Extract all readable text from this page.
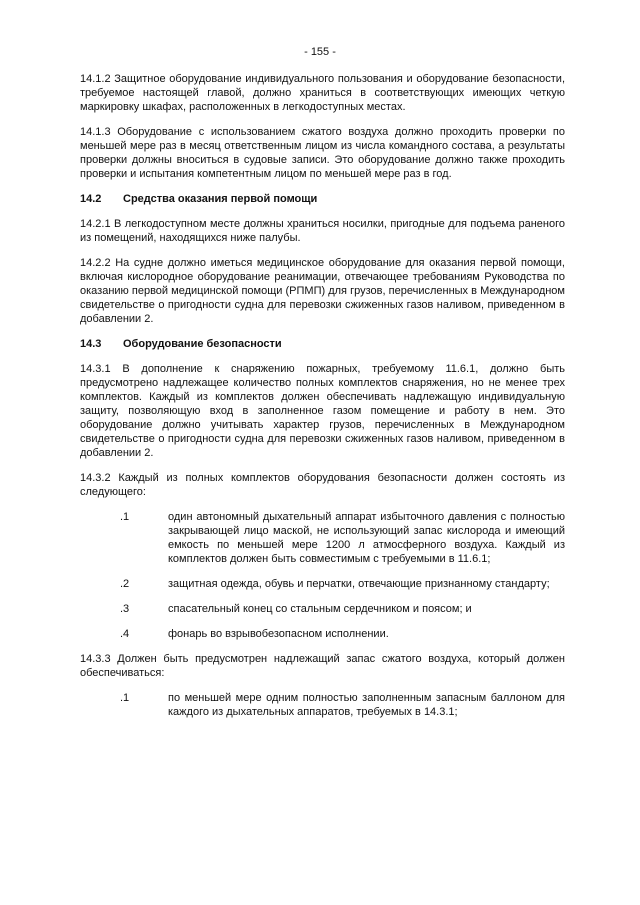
- 155 -

14.1.2 Защитное оборудование индивидуального пользования и оборудование безопасности, требуемое настоящей главой, должно храниться в соответствующих имеющих четкую маркировку шкафах, расположенных в легкодоступных местах.

14.1.3 Оборудование с использованием сжатого воздуха должно проходить проверки по меньшей мере раз в месяц ответственным лицом из числа командного состава, а результаты проверки должны вноситься в судовые записи. Это оборудование должно также проходить проверки и испытания компетентным лицом по меньшей мере раз в год.

14.2	Средства оказания первой помощи

14.2.1 В легкодоступном месте должны храниться носилки, пригодные для подъема раненого из помещений, находящихся ниже палубы.

14.2.2 На судне должно иметься медицинское оборудование для оказания первой помощи, включая кислородное оборудование реанимации, отвечающее требованиям Руководства по оказанию первой медицинской помощи (РПМП) для грузов, перечисленных в Международном свидетельстве о пригодности судна для перевозки сжиженных газов наливом, приведенном в добавлении 2.

14.3	Оборудование безопасности

14.3.1 В дополнение к снаряжению пожарных, требуемому 11.6.1, должно быть предусмотрено надлежащее количество полных комплектов снаряжения, но не менее трех комплектов. Каждый из комплектов должен обеспечивать надлежащую индивидуальную защиту, позволяющую вход в заполненное газом помещение и работу в нем. Это оборудование должно учитывать характер грузов, перечисленных в Международном свидетельстве о пригодности судна для перевозки сжиженных газов наливом, приведенном в добавлении 2.

14.3.2 Каждый из полных комплектов оборудования безопасности должен состоять из следующего:

.1	один автономный дыхательный аппарат избыточного давления с полностью закрывающей лицо маской, не использующий запас кислорода и имеющий емкость по меньшей мере 1200 л атмосферного воздуха. Каждый из комплектов должен быть совместимым с требуемыми в 11.6.1;
.2	защитная одежда, обувь и перчатки, отвечающие признанному стандарту;
.3	спасательный конец со стальным сердечником и поясом; и
.4	фонарь во взрывобезопасном исполнении.

14.3.3 Должен быть предусмотрен надлежащий запас сжатого воздуха, который должен обеспечиваться:

.1	по меньшей мере одним полностью заполненным запасным баллоном для каждого из дыхательных аппаратов, требуемых в 14.3.1;
